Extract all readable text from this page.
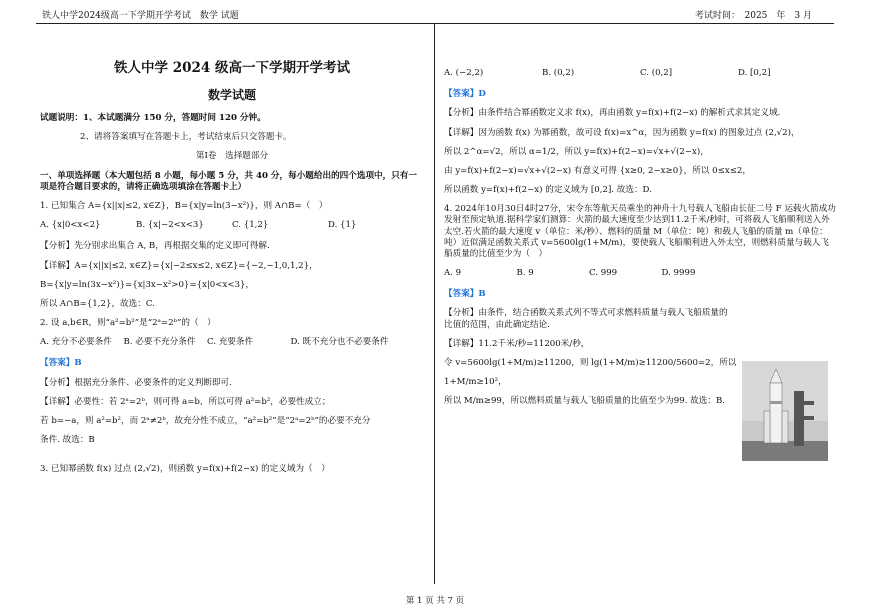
铁人中学2024级高一下学期开学考试　数学 试题	考试时间：　2025　年　3 月
铁人中学 2024 级高一下学期开学考试
数学试题
试题说明：1、本试题满分 150 分，答题时间 120 分钟。
2、请将答案填写在答题卡上，考试结束后只交答题卡。
第Ⅰ卷　选择题部分
一、单项选择题（本大题包括 8 小题，每小题 5 分，共 40 分，每小题给出的四个选项中，只有一项是符合题目要求的，请将正确选项填涂在答题卡上）
1. 已知集合 A={x||x|≤2, x∈Z}，B={x|y=ln(3−x²)}，则 A∩B=（　）
A. {x|0<x<2}	B. {x|−2<x<3}	C. {1,2}	D. {1}
【分析】先分别求出集合 A, B，再根据交集的定义即可得解.
【详解】A={x||x|≤2, x∈Z}={x|−2≤x≤2, x∈Z}={−2,−1,0,1,2}，
B={x|y=ln(3x−x²)}={x|3x−x²>0}={x|0<x<3}，
所以 A∩B={1,2}，故选：C.
2. 设 a,b∈R，则“a²=b²”是“2ᵃ=2ᵇ”的（　）
A. 充分不必要条件	B. 必要不充分条件	C. 充要条件	D. 既不充分也不必要条件
【答案】B
【分析】根据充分条件、必要条件的定义判断即可.
【详解】必要性：若 2ᵃ=2ᵇ，则可得 a=b，所以可得 a²=b²，必要性成立；
若 b=−a，则 a²=b²，而 2ᵃ≠2ᵇ，故充分性不成立，“a²=b²”是“2ᵃ=2ᵇ”的必要不充分
条件. 故选：B
3. 已知幂函数 f(x) 过点 (2,√2)，则函数 y=f(x)+f(2−x) 的定义域为（　）
A. (−2,2)	B. (0,2)	C. (0,2]	D. [0,2]
【答案】D
【分析】由条件结合幂函数定义求 f(x)，再由函数 y=f(x)+f(2−x) 的解析式求其定义域.
【详解】因为函数 f(x) 为幂函数，故可设 f(x)=x^α，因为函数 y=f(x) 的图象过点 (2,√2)，
所以 2^α=√2，所以 α=1/2，所以 y=f(x)+f(2−x)=√x+√(2−x)，
由 y=f(x)+f(2−x)=√x+√(2−x) 有意义可得 {x≥0, 2−x≥0}，所以 0≤x≤2，
所以函数 y=f(x)+f(2−x) 的定义域为 [0,2]. 故选：D.
4. 2024年10月30日4时27分，宋令东等航天员乘坐的神舟十九号载人飞船由长征二号 F 运载火箭成功发射至预定轨道.据科学家们测算：火箭的最大速度至少达到11.2千米/秒时，可将载人飞船顺利送入外太空.若火箭的最大速度 v（单位：米/秒）、燃料的质量 M（单位：吨）和载人飞船的质量 m（单位：吨）近似满足函数关系式 v=5600lg(1+M/m)，要使载人飞船顺利进入外太空，则燃料质量与载人飞船质量的比值至少为（　）
A. 9	B. 9	C. 999	D. 9999
【答案】B
【分析】由条件，结合函数关系式列不等式可求燃料质量与载人飞船质量的比值的范围，由此确定结论.
【详解】11.2千米/秒=11200米/秒，
令 v=5600lg(1+M/m)≥11200，则 lg(1+M/m)≥11200/5600=2，所以
1+M/m≥10²，
所以 M/m≥99，所以燃料质量与载人飞船质量的比值至少为99. 故选：B.
第 1 页 共 7 页
